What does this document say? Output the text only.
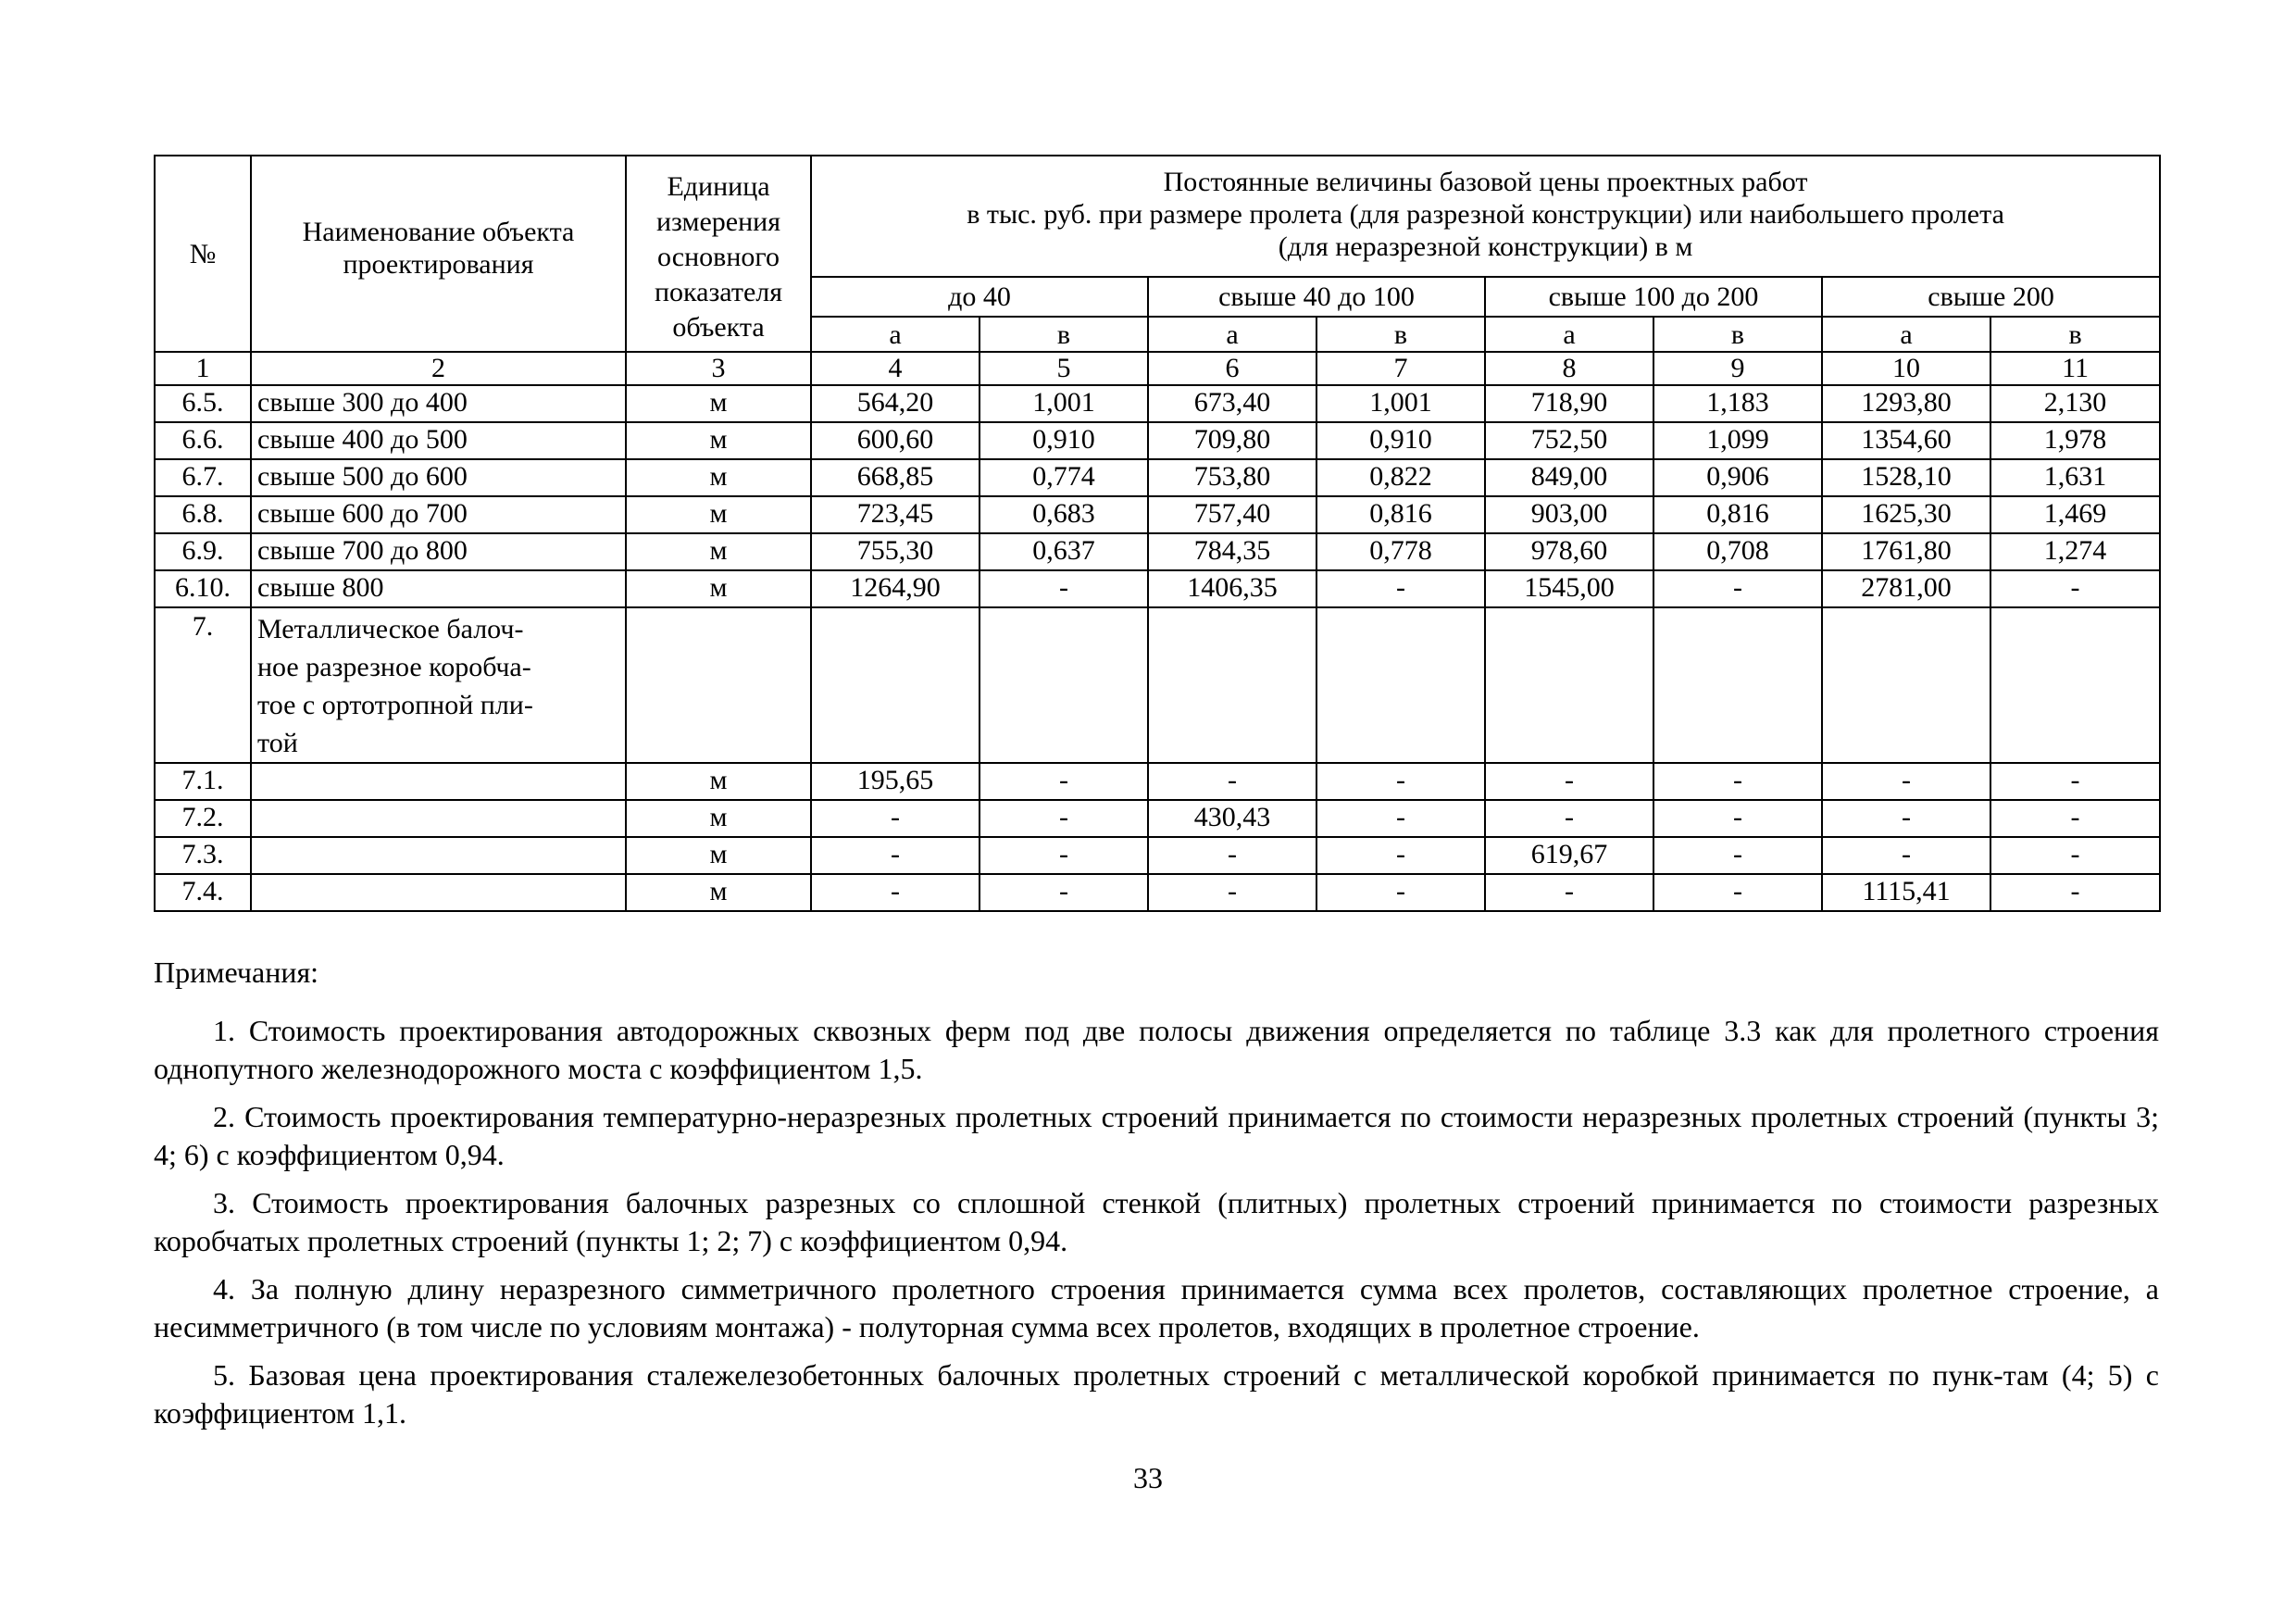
№	Наименование объекта проектирования	Единица измерения основного показателя объекта	Постоянные величины базовой цены проектных работ
в тыс. руб. при размере пролета (для разрезной конструкции) или наибольшего пролета
(для неразрезной конструкции) в м							

			до 40		свыше 40 до 100		свыше 100 до 200		свыше 200	
			а	в	а	в	а	в	а	в
1	2	3	4	5	6	7	8	9	10	11
6.5.	свыше 300 до 400	м	564,20	1,001	673,40	1,001	718,90	1,183	1293,80	2,130
6.6.	свыше 400 до 500	м	600,60	0,910	709,80	0,910	752,50	1,099	1354,60	1,978
6.7.	свыше 500 до 600	м	668,85	0,774	753,80	0,822	849,00	0,906	1528,10	1,631
6.8.	свыше 600 до 700	м	723,45	0,683	757,40	0,816	903,00	0,816	1625,30	1,469
6.9.	свыше 700 до 800	м	755,30	0,637	784,35	0,778	978,60	0,708	1761,80	1,274
6.10.	свыше 800	м	1264,90	-	1406,35	-	1545,00	-	2781,00	-
7.	Металлическое балоч-
ное разрезное коробча-
тое с ортотропной пли-
той									

7.1.		м	195,65	-	-	-	-	-	-	-
7.2.		м	-	-	430,43	-	-	-	-	-
7.3.		м	-	-	-	-	619,67	-	-	-
7.4.		м	-	-	-	-	-	-	1115,41	-
Примечания:

1. Стоимость проектирования автодорожных сквозных ферм под две полосы движения определяется по таблице 3.3 как для пролетного строения однопутного железнодорожного моста с коэффициентом 1,5.

2. Стоимость проектирования температурно-неразрезных пролетных строений принимается по стоимости неразрезных пролетных строений (пункты 3; 4; 6) с коэффициентом 0,94.

3. Стоимость проектирования балочных разрезных со сплошной стенкой (плитных) пролетных строений принимается по стоимости разрезных коробчатых пролетных строений (пункты 1; 2; 7) с коэффициентом 0,94.

4. За полную длину неразрезного симметричного пролетного строения принимается сумма всех пролетов, составляющих пролетное строение, а несимметричного (в том числе по условиям монтажа) - полуторная сумма всех пролетов, входящих в пролетное строение.

5. Базовая цена проектирования сталежелезобетонных балочных пролетных строений с металлической коробкой принимается по пунк-там (4; 5) с коэффициентом 1,1.

33
